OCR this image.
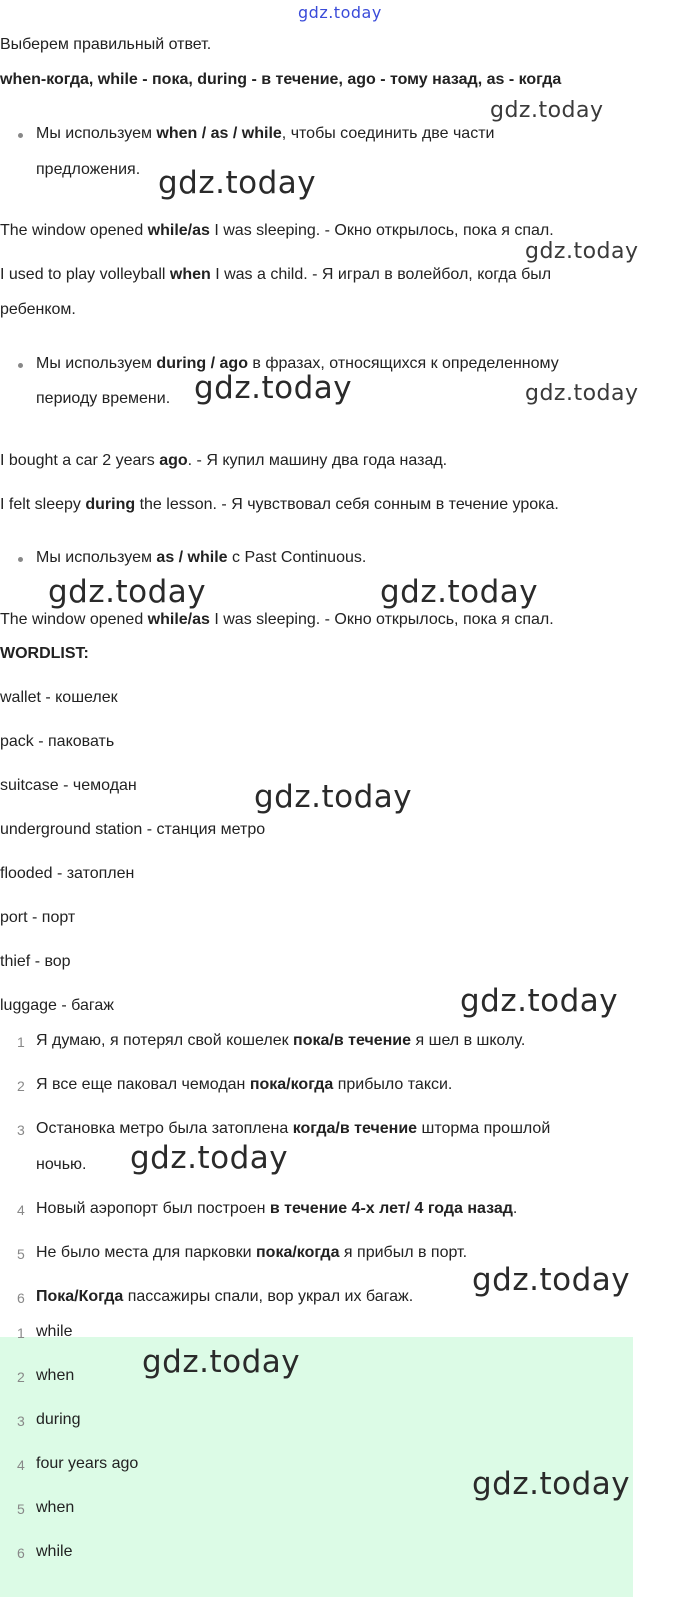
gdz.today
Выберем правильный ответ.
when-когда, while - пока, during - в течение, ago - тому назад, as - когда
Мы используем when / as / while, чтобы соединить две части
предложения.
The window opened while/as I was sleeping. - Окно открылось, пока я спал.
I used to play volleyball when I was a child. - Я играл в волейбол, когда был
ребенком.
Мы используем during / ago в фразах, относящихся к определенному
периоду времени.
I bought a car 2 years ago. - Я купил машину два года назад.
I felt sleepy during the lesson. - Я чувствовал себя сонным в течение урока.
Мы используем as / while с Past Continuous.
The window opened while/as I was sleeping. - Окно открылось, пока я спал.
WORDLIST:
wallet - кошелек
pack - паковать
suitcase - чемодан
underground station - станция метро
flooded - затоплен
port - порт
thief - вор
luggage - багаж
1 Я думаю, я потерял свой кошелек пока/в течение я шел в школу.
2 Я все еще паковал чемодан пока/когда прибыло такси.
3 Остановка метро была затоплена когда/в течение шторма прошлой
ночью.
4 Новый аэропорт был построен в течение 4-х лет/ 4 года назад.
5 Не было места для парковки пока/когда я прибыл в порт.
6 Пока/Когда пассажиры спали, вор украл их багаж.
1 while
2 when
3 during
4 four years ago
5 when
6 while
gdz.today
gdz.today
gdz.today
gdz.today	gdz.today
gdz.today	gdz.today
gdz.today
gdz.today
gdz.today
gdz.today
gdz.today
gdz.today
